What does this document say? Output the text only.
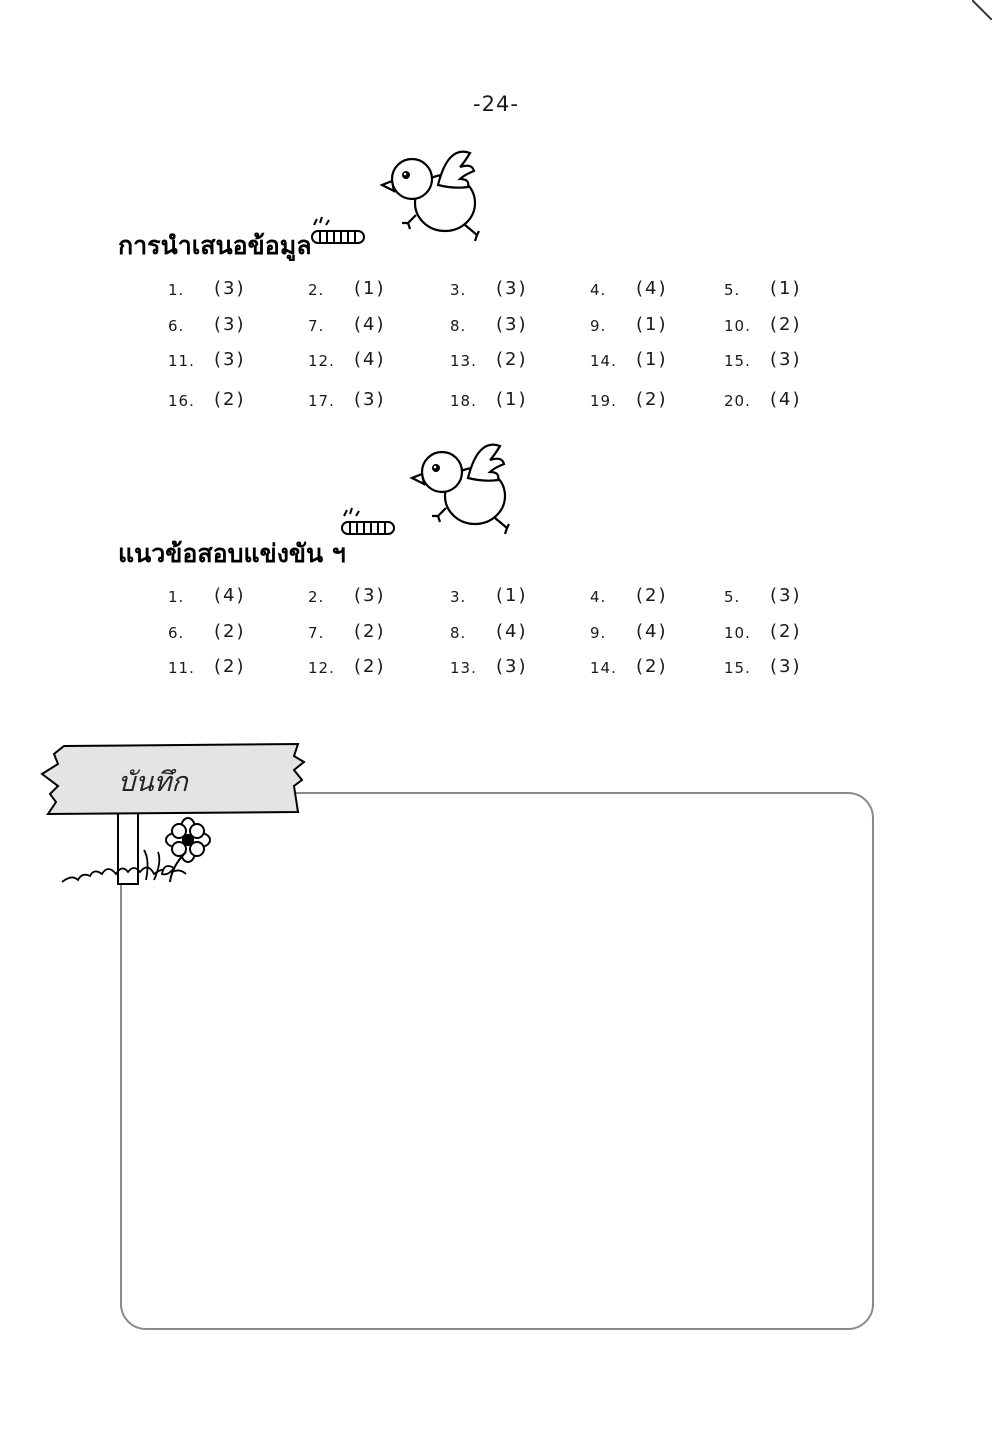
-24-
การนำเสนอข้อมูล
1. (3)	2. (1)	3. (3)	4. (4)	5. (1)
6. (3)	7. (4)	8. (3)	9. (1)	10. (2)
11. (3)	12. (4)	13. (2)	14. (1)	15. (3)
16. (2)	17. (3)	18. (1)	19. (2)	20. (4)
แนวข้อสอบแข่งขัน ฯ
1. (4)	2. (3)	3. (1)	4. (2)	5. (3)
6. (2)	7. (2)	8. (4)	9. (4)	10. (2)
11. (2)	12. (2)	13. (3)	14. (2)	15. (3)
บันทึก
